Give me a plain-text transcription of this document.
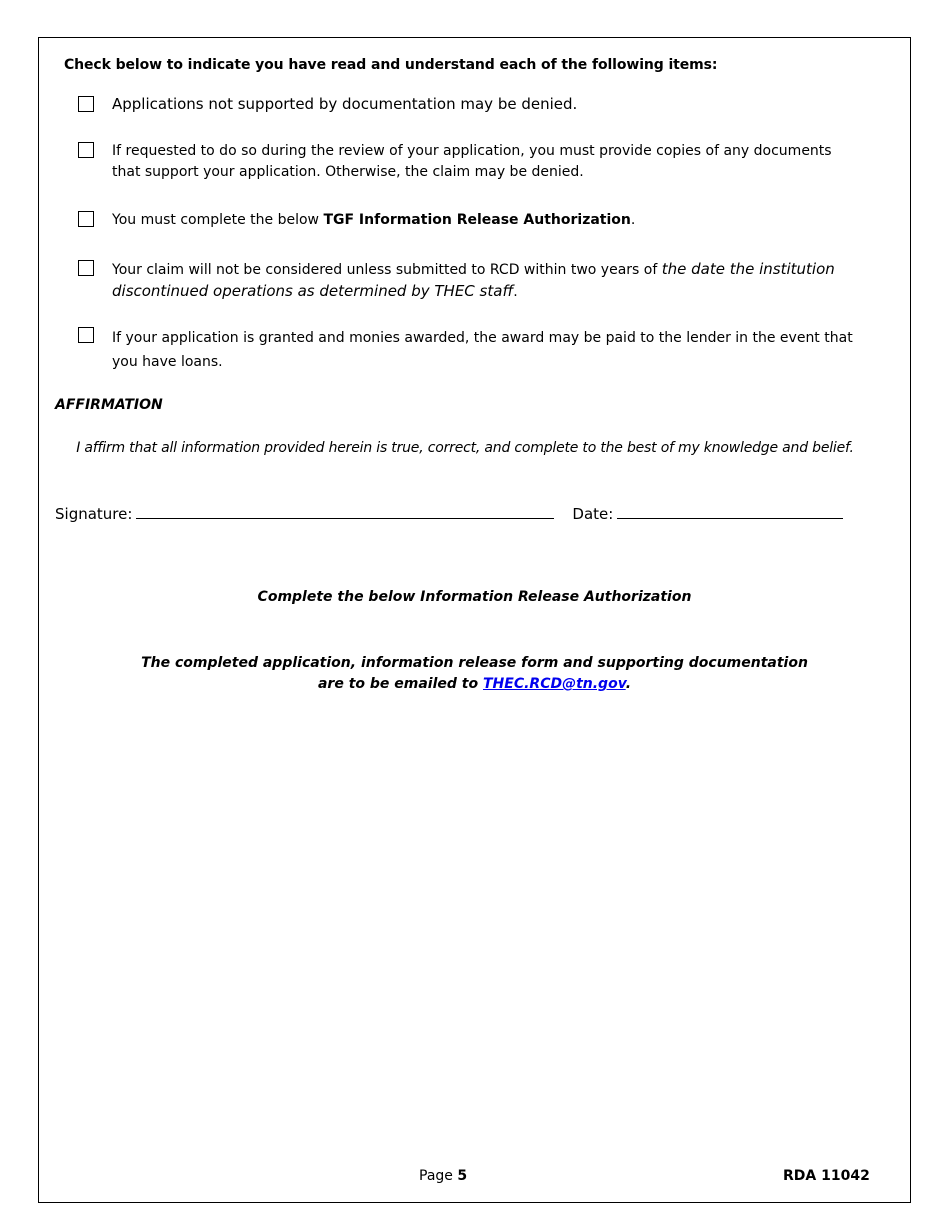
Check below to indicate you have read and understand each of the following items:
Applications not supported by documentation may be denied.
If requested to do so during the review of your application, you must provide copies of any documents that support your application. Otherwise, the claim may be denied.
You must complete the below TGF Information Release Authorization.
Your claim will not be considered unless submitted to RCD within two years of the date the institution discontinued operations as determined by THEC staff.
If your application is granted and monies awarded, the award may be paid to the lender in the event that you have loans.
AFFIRMATION
I affirm that all information provided herein is true, correct, and complete to the best of my knowledge and belief.
Signature:	Date:
Complete the below Information Release Authorization
The completed application, information release form and supporting documentation
are to be emailed to THEC.RCD@tn.gov.
Page 5	RDA 11042
